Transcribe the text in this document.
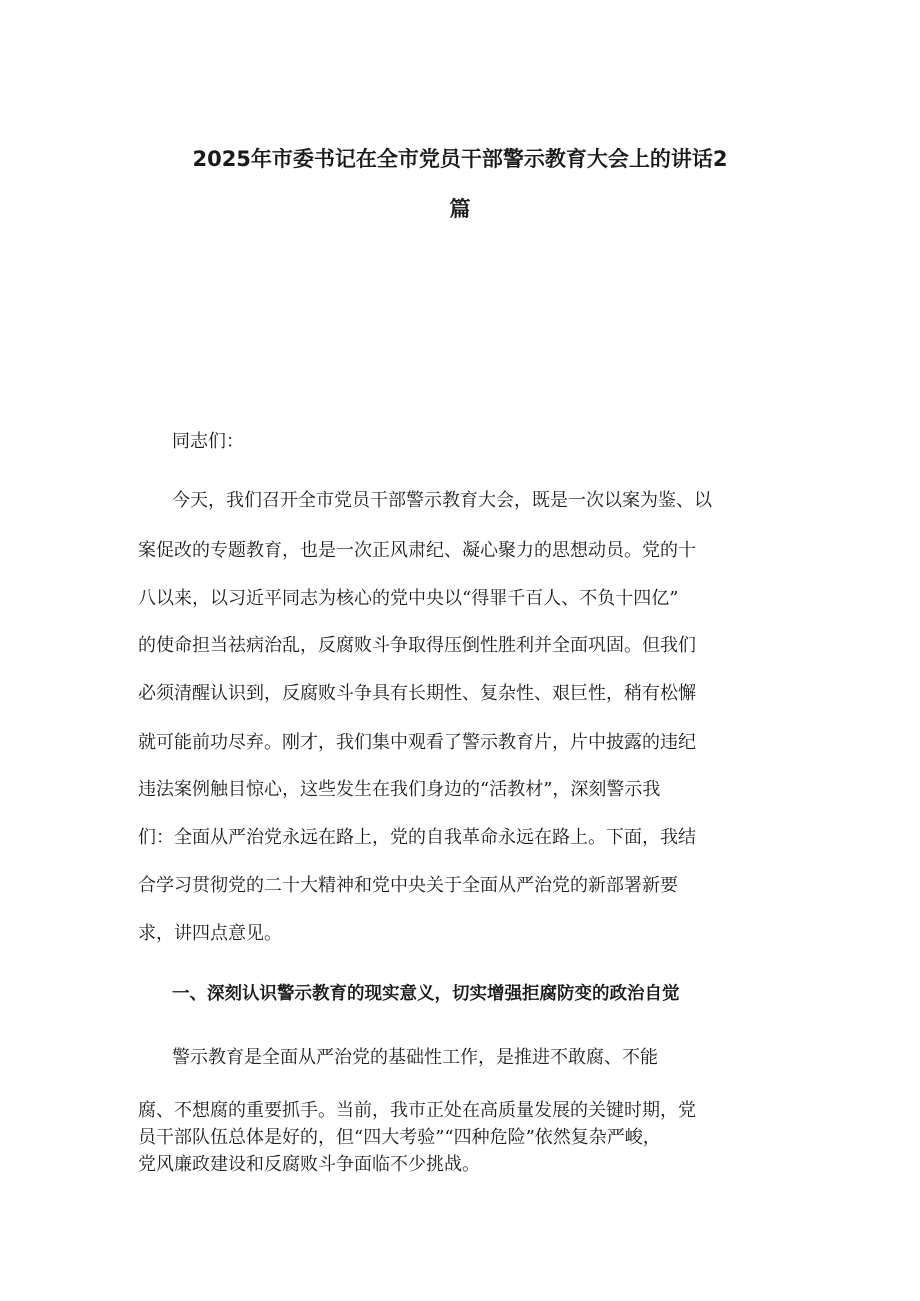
2025年市委书记在全市党员干部警示教育大会上的讲话2
篇

同志们：

今天，我们召开全市党员干部警示教育大会，既是一次以案为鉴、以

案促改的专题教育，也是一次正风肃纪、凝心聚力的思想动员。党的十

八以来，以习近平同志为核心的党中央以“得罪千百人、不负十四亿”

的使命担当祛病治乱，反腐败斗争取得压倒性胜利并全面巩固。但我们

必须清醒认识到，反腐败斗争具有长期性、复杂性、艰巨性，稍有松懈

就可能前功尽弃。刚才，我们集中观看了警示教育片，片中披露的违纪

违法案例触目惊心，这些发生在我们身边的“活教材”，深刻警示我

们：全面从严治党永远在路上，党的自我革命永远在路上。下面，我结

合学习贯彻党的二十大精神和党中央关于全面从严治党的新部署新要

求，讲四点意见。

一、深刻认识警示教育的现实意义，切实增强拒腐防变的政治自觉

警示教育是全面从严治党的基础性工作，是推进不敢腐、不能

腐、不想腐的重要抓手。当前，我市正处在高质量发展的关键时期，党

员干部队伍总体是好的，但“四大考验”“四种危险”依然复杂严峻，

党风廉政建设和反腐败斗争面临不少挑战。
